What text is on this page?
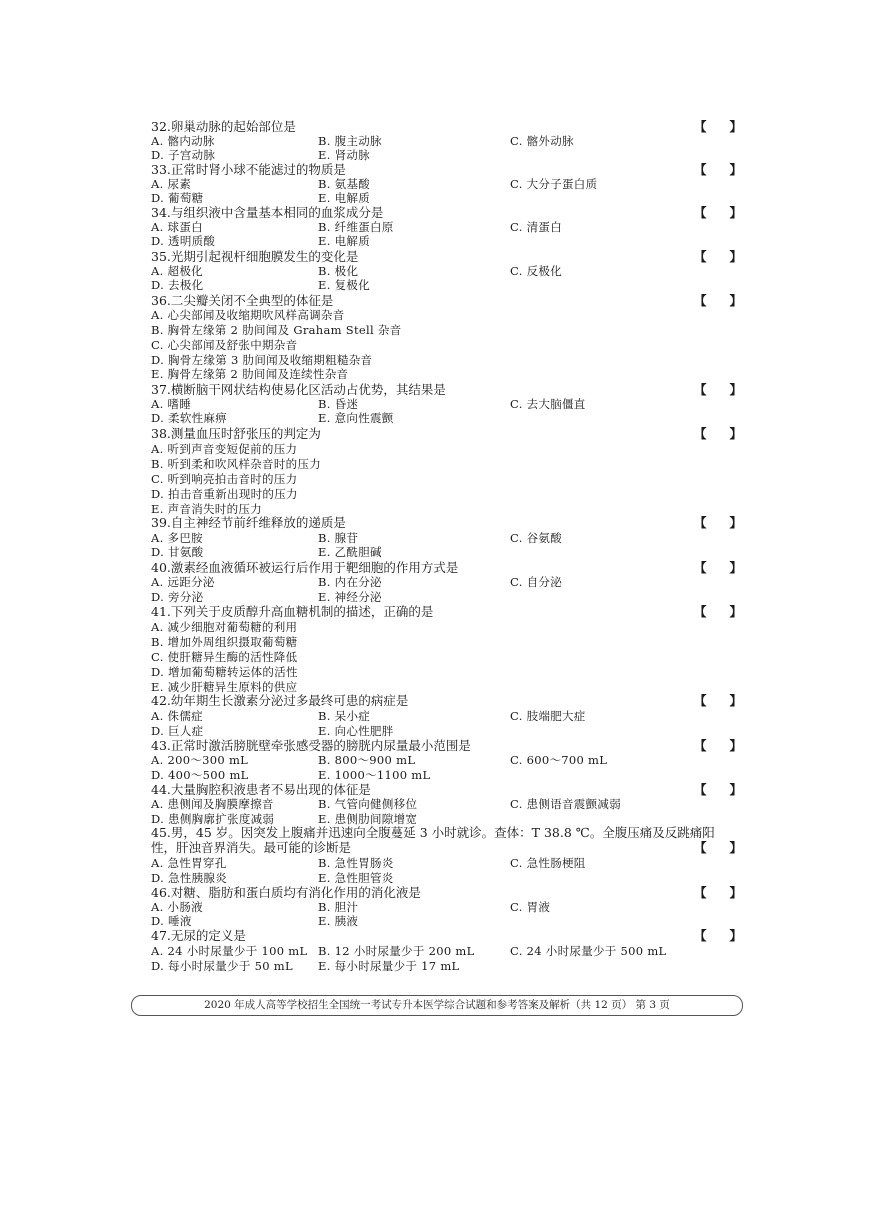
32.卵巢动脉的起始部位是	【 】
A. 髂内动脉	B. 腹主动脉	C. 髂外动脉
D. 子宫动脉	E. 肾动脉
33.正常时肾小球不能滤过的物质是	【 】
A. 尿素	B. 氨基酸	C. 大分子蛋白质
D. 葡萄糖	E. 电解质
34.与组织液中含量基本相同的血浆成分是	【 】
A. 球蛋白	B. 纤维蛋白原	C. 清蛋白
D. 透明质酸	E. 电解质
35.光期引起视杆细胞膜发生的变化是	【 】
A. 超极化	B. 极化	C. 反极化
D. 去极化	E. 复极化
36.二尖瓣关闭不全典型的体征是	【 】
A. 心尖部闻及收缩期吹风样高调杂音
B. 胸骨左缘第 2 肋间闻及 Graham Stell 杂音
C. 心尖部闻及舒张中期杂音
D. 胸骨左缘第 3 肋间闻及收缩期粗糙杂音
E. 胸骨左缘第 2 肋间闻及连续性杂音
37.横断脑干网状结构使易化区活动占优势，其结果是	【 】
A. 嗜睡	B. 昏迷	C. 去大脑僵直
D. 柔软性麻痹	E. 意向性震颤
38.测量血压时舒张压的判定为	【 】
A. 听到声音变短促前的压力
B. 听到柔和吹风样杂音时的压力
C. 听到响亮拍击音时的压力
D. 拍击音重新出现时的压力
E. 声音消失时的压力
39.自主神经节前纤维释放的递质是	【 】
A. 多巴胺	B. 腺苷	C. 谷氨酸
D. 甘氨酸	E. 乙酰胆碱
40.激素经血液循环被运行后作用于靶细胞的作用方式是	【 】
A. 远距分泌	B. 内在分泌	C. 自分泌
D. 旁分泌	E. 神经分泌
41.下列关于皮质醇升高血糖机制的描述，正确的是	【 】
A. 减少细胞对葡萄糖的利用
B. 增加外周组织摄取葡萄糖
C. 使肝糖异生酶的活性降低
D. 增加葡萄糖转运体的活性
E. 减少肝糖异生原料的供应
42.幼年期生长激素分泌过多最终可患的病症是	【 】
A. 侏儒症	B. 呆小症	C. 肢端肥大症
D. 巨人症	E. 向心性肥胖
43.正常时激活膀胱壁牵张感受器的膀胱内尿量最小范围是	【 】
A. 200～300 mL	B. 800～900 mL	C. 600～700 mL
D. 400～500 mL	E. 1000～1100 mL
44.大量胸腔积液患者不易出现的体征是	【 】
A. 患侧闻及胸膜摩擦音	B. 气管向健侧移位	C. 患侧语音震颤减弱
D. 患侧胸廓扩张度减弱	E. 患侧肋间隙增宽
45.男，45 岁。因突发上腹痛并迅速向全腹蔓延 3 小时就诊。查体：T 38.8 ℃。全腹压痛及反跳痛阳性，肝浊音界消失。最可能的诊断是	【 】
A. 急性胃穿孔	B. 急性胃肠炎	C. 急性肠梗阻
D. 急性胰腺炎	E. 急性胆管炎
46.对糖、脂肪和蛋白质均有消化作用的消化液是	【 】
A. 小肠液	B. 胆汁	C. 胃液
D. 唾液	E. 胰液
47.无尿的定义是	【 】
A. 24 小时尿量少于 100 mL B. 12 小时尿量少于 200 mL	C. 24 小时尿量少于 500 mL
D. 每小时尿量少于 50 mL E. 每小时尿量少于 17 mL
2020 年成人高等学校招生全国统一考试专升本医学综合试题和参考答案及解析（共 12 页） 第 3 页
